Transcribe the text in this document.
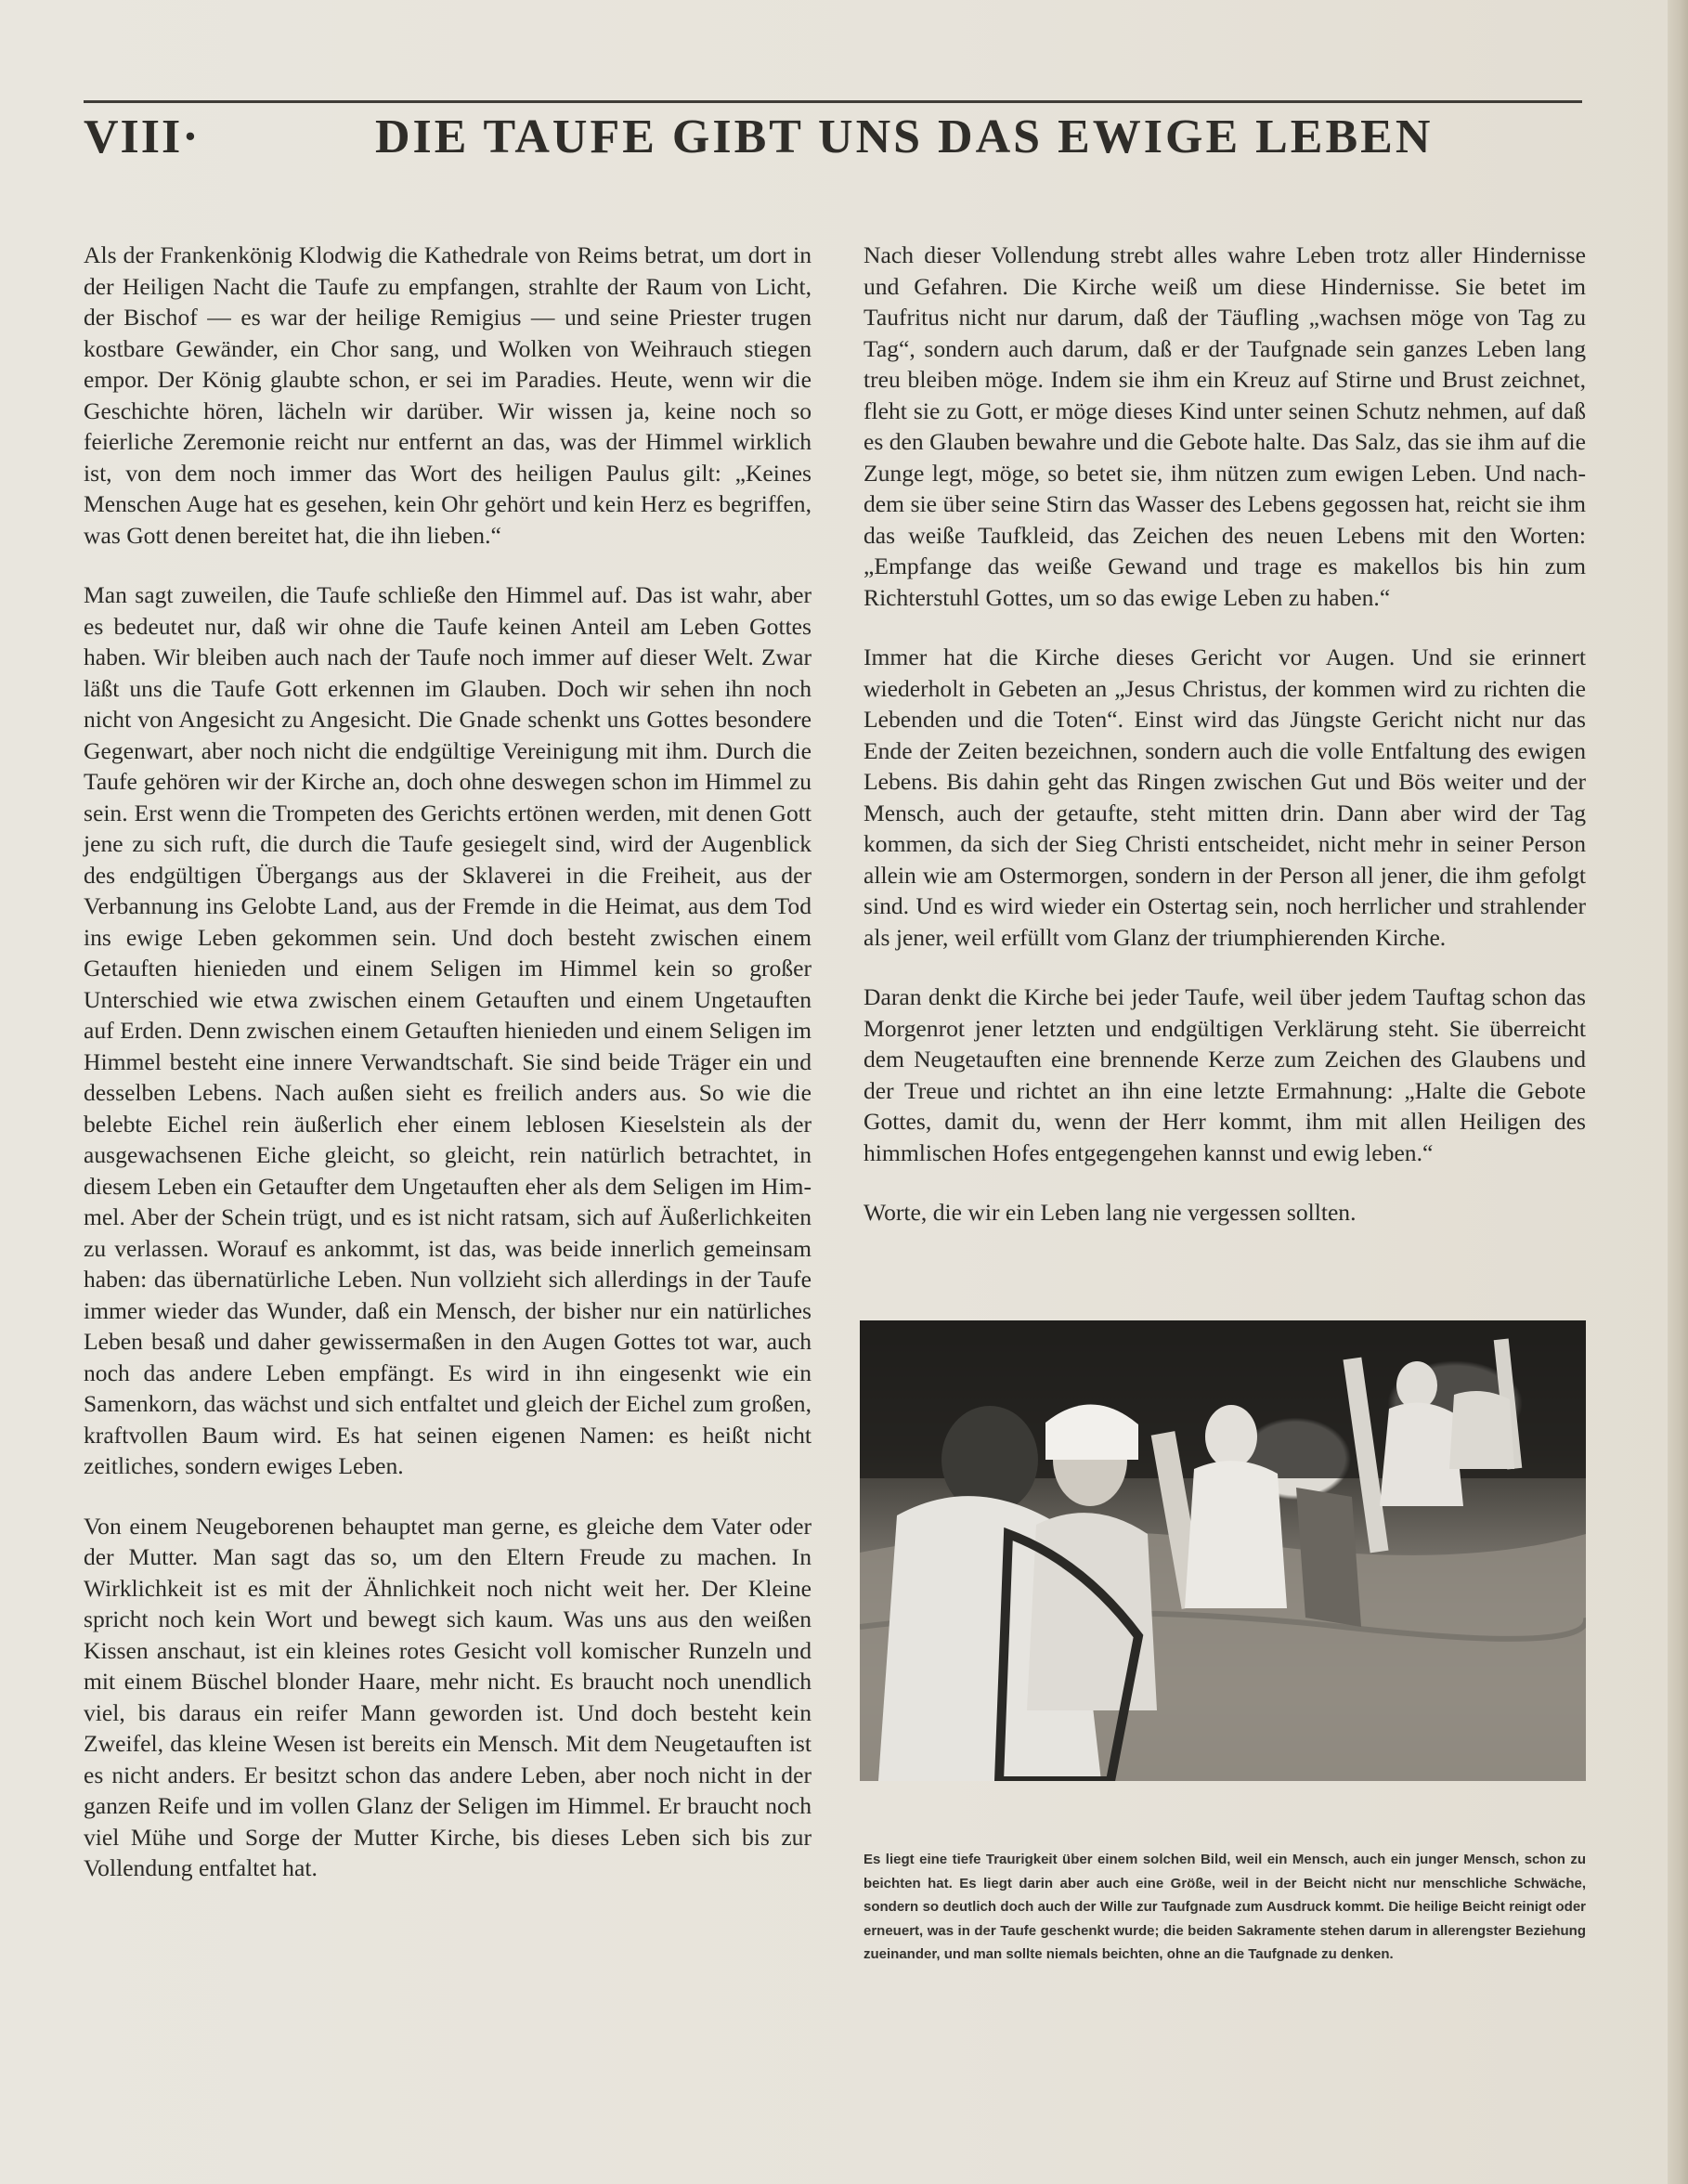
VIII·	DIE TAUFE GIBT UNS DAS EWIGE LEBEN

Als der Frankenkönig Klodwig die Kathedrale von Reims betrat, um dort in der Heiligen Nacht die Taufe zu empfangen, strahlte der Raum von Licht, der Bischof — es war der heilige Remigius — und seine Priester trugen kostbare Gewänder, ein Chor sang, und Wolken von Weihrauch stiegen empor. Der König glaubte schon, er sei im Paradies. Heute, wenn wir die Geschichte hören, lächeln wir darüber. Wir wissen ja, keine noch so feierliche Zeremonie reicht nur entfernt an das, was der Himmel wirklich ist, von dem noch immer das Wort des heiligen Paulus gilt: „Keines Menschen Auge hat es gesehen, kein Ohr gehört und kein Herz es begriffen, was Gott denen bereitet hat, die ihn lieben.“

Man sagt zuweilen, die Taufe schließe den Himmel auf. Das ist wahr, aber es bedeutet nur, daß wir ohne die Taufe keinen Anteil am Leben Gottes haben. Wir bleiben auch nach der Taufe noch immer auf dieser Welt. Zwar läßt uns die Taufe Gott erkennen im Glauben. Doch wir sehen ihn noch nicht von Angesicht zu Angesicht. Die Gnade schenkt uns Gottes besondere Gegenwart, aber noch nicht die endgültige Vereinigung mit ihm. Durch die Taufe gehören wir der Kirche an, doch ohne deswegen schon im Himmel zu sein. Erst wenn die Trompeten des Gerichts ertönen werden, mit denen Gott jene zu sich ruft, die durch die Taufe gesiegelt sind, wird der Augenblick des endgültigen Übergangs aus der Sklaverei in die Freiheit, aus der Verbannung ins Gelobte Land, aus der Fremde in die Heimat, aus dem Tod ins ewige Leben gekommen sein. Und doch besteht zwischen einem Getauften hienieden und einem Seligen im Himmel kein so großer Unterschied wie etwa zwischen einem Getauften und einem Ungetauften auf Erden. Denn zwischen einem Getauften hienieden und einem Seligen im Himmel besteht eine innere Verwandtschaft. Sie sind beide Träger ein und desselben Lebens. Nach außen sieht es freilich anders aus. So wie die belebte Eichel rein äußerlich eher einem leblosen Kieselstein als der ausgewachsenen Eiche gleicht, so gleicht, rein natürlich betrachtet, in diesem Leben ein Getaufter dem Ungetauften eher als dem Seligen im Himmel. Aber der Schein trügt, und es ist nicht ratsam, sich auf Äußerlichkeiten zu verlassen. Worauf es ankommt, ist das, was beide innerlich gemeinsam haben: das übernatürliche Leben. Nun vollzieht sich allerdings in der Taufe immer wieder das Wunder, daß ein Mensch, der bisher nur ein natürliches Leben besaß und daher gewissermaßen in den Augen Gottes tot war, auch noch das andere Leben empfängt. Es wird in ihn eingesenkt wie ein Samenkorn, das wächst und sich entfaltet und gleich der Eichel zum großen, kraftvollen Baum wird. Es hat seinen eigenen Namen: es heißt nicht zeitliches, sondern ewiges Leben.

Von einem Neugeborenen behauptet man gerne, es gleiche dem Vater oder der Mutter. Man sagt das so, um den Eltern Freude zu machen. In Wirklichkeit ist es mit der Ähnlichkeit noch nicht weit her. Der Kleine spricht noch kein Wort und bewegt sich kaum. Was uns aus den weißen Kissen anschaut, ist ein kleines rotes Gesicht voll komischer Runzeln und mit einem Büschel blonder Haare, mehr nicht. Es braucht noch unendlich viel, bis daraus ein reifer Mann geworden ist. Und doch besteht kein Zweifel, das kleine Wesen ist bereits ein Mensch. Mit dem Neugetauften ist es nicht anders. Er besitzt schon das andere Leben, aber noch nicht in der ganzen Reife und im vollen Glanz der Seligen im Himmel. Er braucht noch viel Mühe und Sorge der Mutter Kirche, bis dieses Leben sich bis zur Vollendung entfaltet hat.

Nach dieser Vollendung strebt alles wahre Leben trotz aller Hindernisse und Gefahren. Die Kirche weiß um diese Hindernisse. Sie betet im Taufritus nicht nur darum, daß der Täufling „wachsen möge von Tag zu Tag“, sondern auch darum, daß er der Taufgnade sein ganzes Leben lang treu bleiben möge. Indem sie ihm ein Kreuz auf Stirne und Brust zeichnet, fleht sie zu Gott, er möge dieses Kind unter seinen Schutz nehmen, auf daß es den Glauben bewahre und die Gebote halte. Das Salz, das sie ihm auf die Zunge legt, möge, so betet sie, ihm nützen zum ewigen Leben. Und nachdem sie über seine Stirn das Wasser des Lebens gegossen hat, reicht sie ihm das weiße Taufkleid, das Zeichen des neuen Lebens mit den Worten: „Empfange das weiße Gewand und trage es makellos bis hin zum Richterstuhl Gottes, um so das ewige Leben zu haben.“

Immer hat die Kirche dieses Gericht vor Augen. Und sie erinnert wiederholt in Gebeten an „Jesus Christus, der kommen wird zu richten die Lebenden und die Toten“. Einst wird das Jüngste Gericht nicht nur das Ende der Zeiten bezeichnen, sondern auch die volle Entfaltung des ewigen Lebens. Bis dahin geht das Ringen zwischen Gut und Bös weiter und der Mensch, auch der getaufte, steht mitten drin. Dann aber wird der Tag kommen, da sich der Sieg Christi entscheidet, nicht mehr in seiner Person allein wie am Ostermorgen, sondern in der Person all jener, die ihm gefolgt sind. Und es wird wieder ein Ostertag sein, noch herrlicher und strahlender als jener, weil erfüllt vom Glanz der triumphierenden Kirche.

Daran denkt die Kirche bei jeder Taufe, weil über jedem Tauftag schon das Morgenrot jener letzten und endgültigen Verklärung steht. Sie überreicht dem Neugetauften eine brennende Kerze zum Zeichen des Glaubens und der Treue und richtet an ihn eine letzte Ermahnung: „Halte die Gebote Gottes, damit du, wenn der Herr kommt, ihm mit allen Heiligen des himmlischen Hofes entgegengehen kannst und ewig leben.“

Worte, die wir ein Leben lang nie vergessen sollten.

Es liegt eine tiefe Traurigkeit über einem solchen Bild, weil ein Mensch, auch ein junger Mensch, schon zu beichten hat. Es liegt darin aber auch eine Größe, weil in der Beicht nicht nur menschliche Schwäche, sondern so deutlich doch auch der Wille zur Taufgnade zum Ausdruck kommt. Die heilige Beicht reinigt oder erneuert, was in der Taufe geschenkt wurde; die beiden Sakramente stehen darum in allerengster Beziehung zueinander, und man sollte niemals beichten, ohne an die Taufgnade zu denken.
